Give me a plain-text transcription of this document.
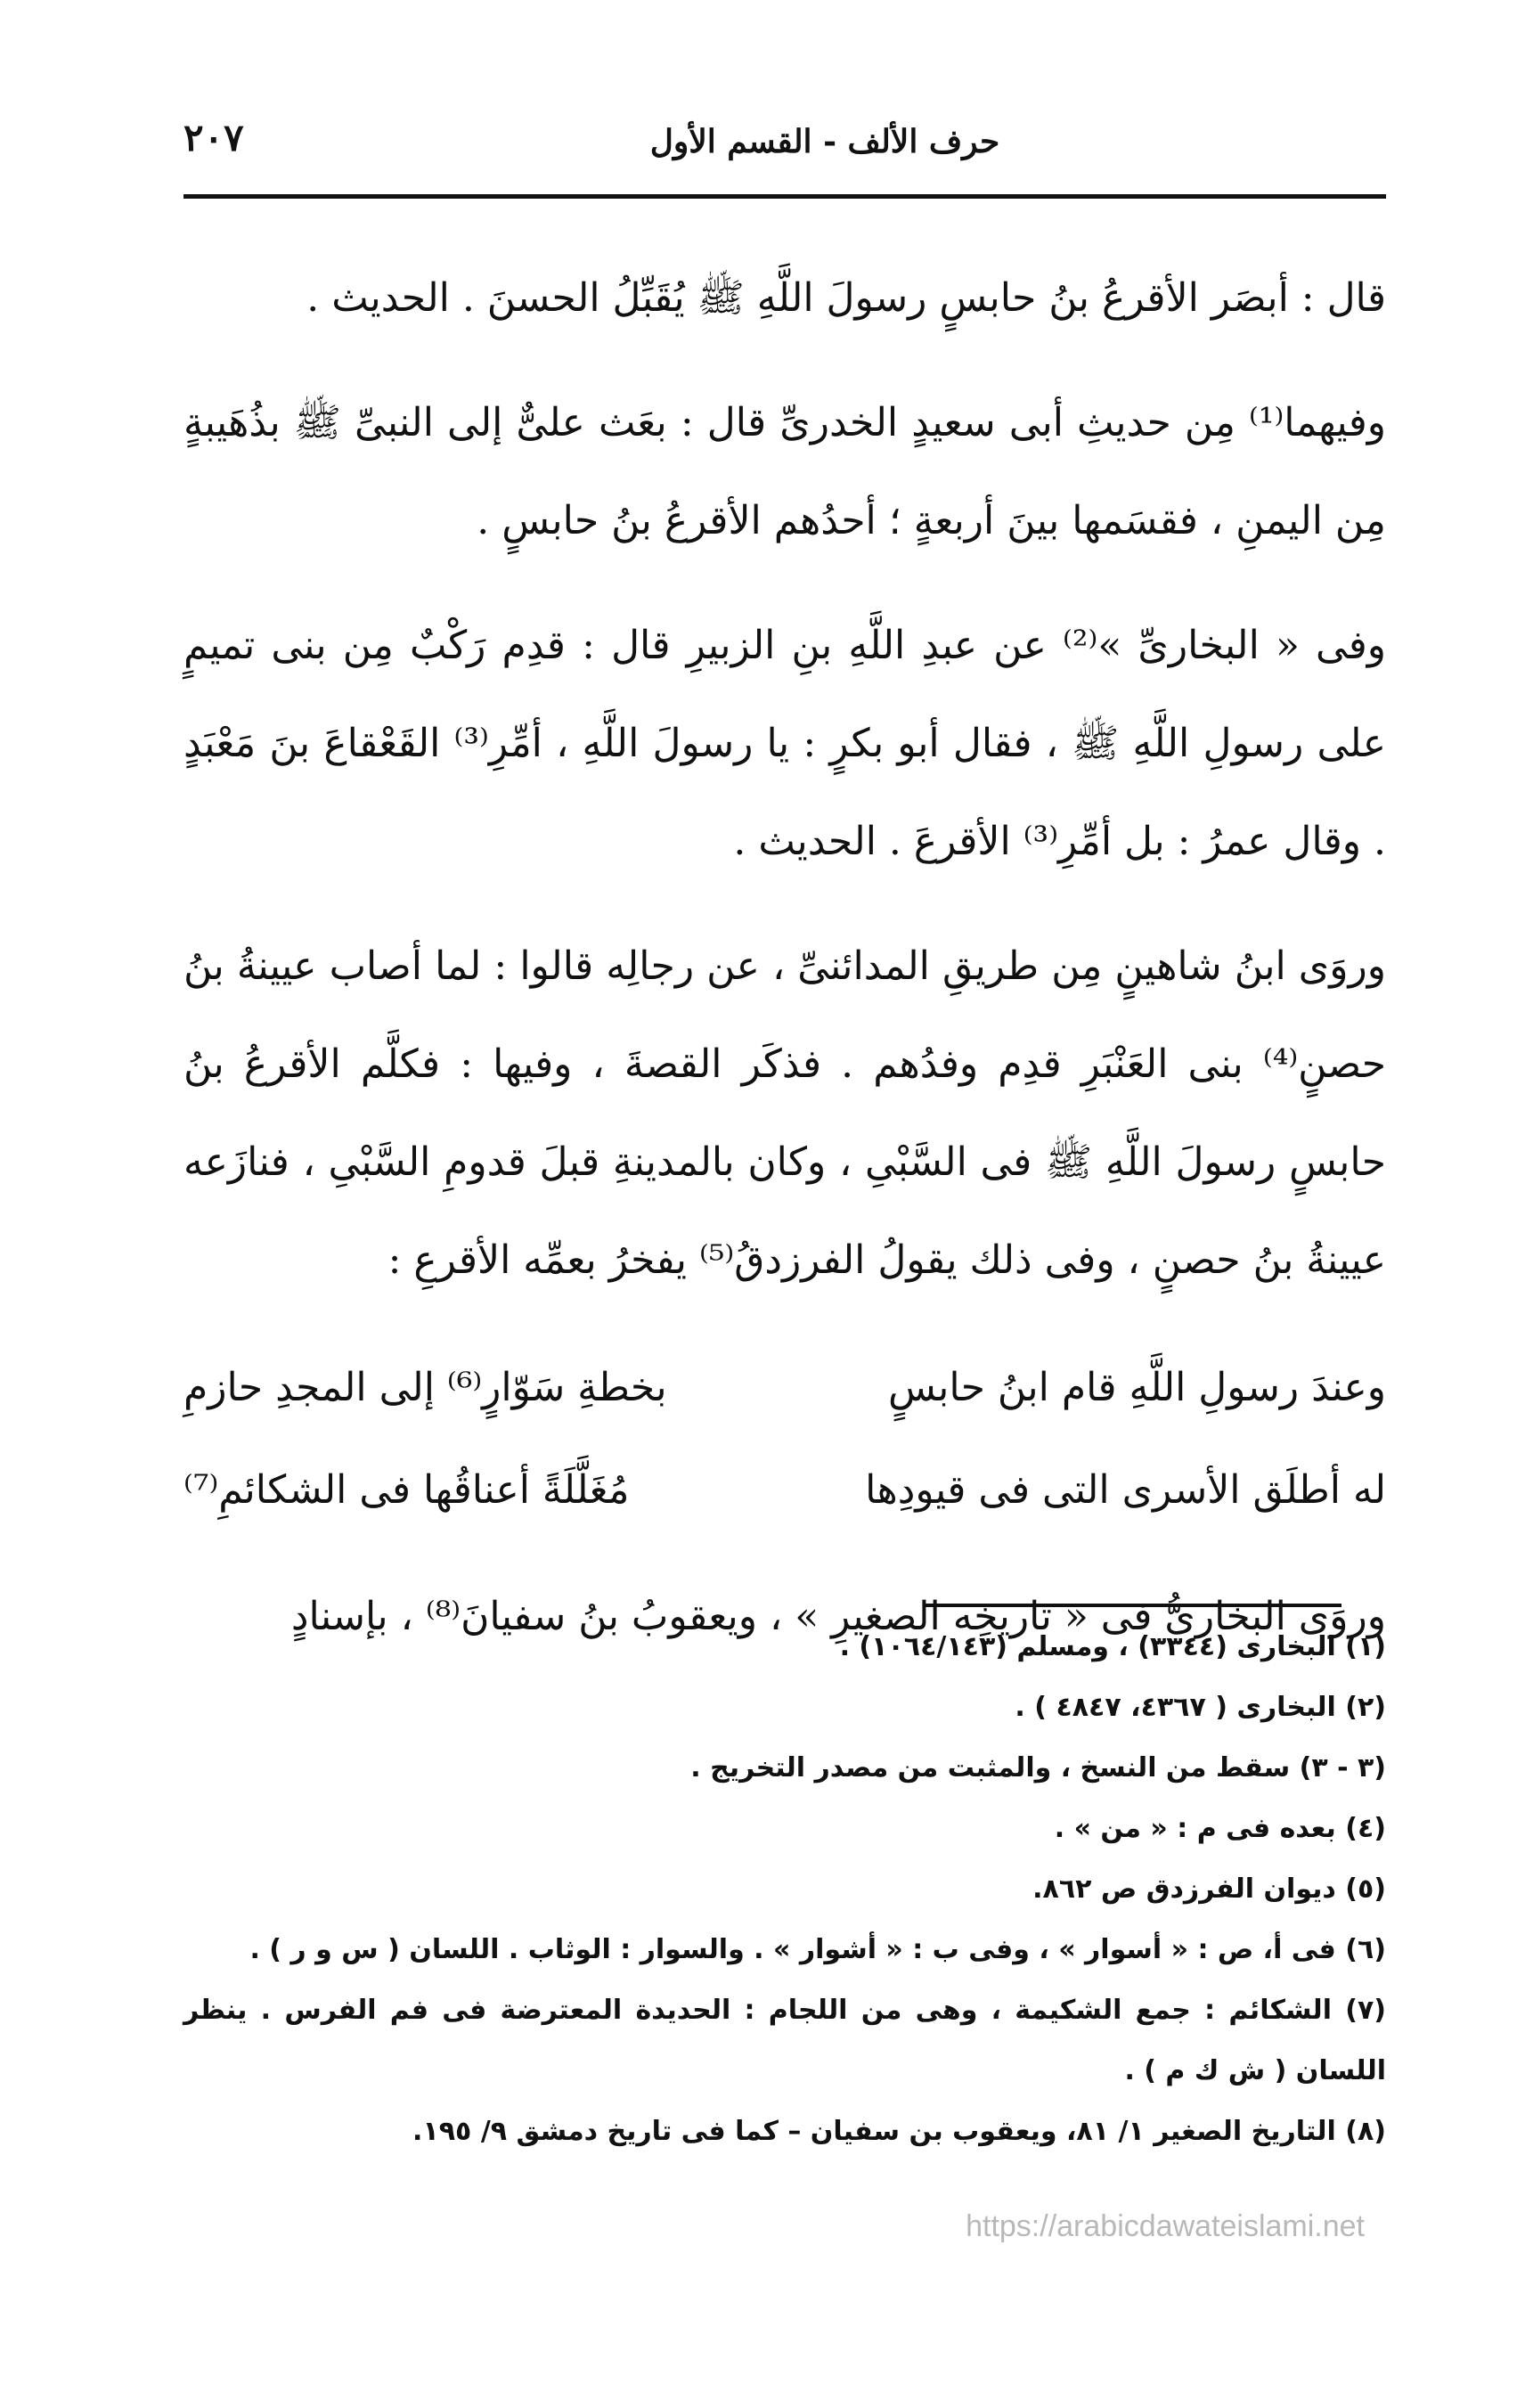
حرف الألف - القسم الأول
٢٠٧

قال : أبصَر الأقرعُ بنُ حابسٍ رسولَ اللَّهِ ﷺ يُقَبِّلُ الحسنَ . الحديث .

وفيهما⁽¹⁾ مِن حديثِ أبى سعيدٍ الخدرىِّ قال : بعَث علىٌّ إلى النبىِّ ﷺ بذُهَيبةٍ مِن اليمنِ ، فقسَمها بينَ أربعةٍ ؛ أحدُهم الأقرعُ بنُ حابسٍ .

وفى « البخارىِّ »⁽²⁾ عن عبدِ اللَّهِ بنِ الزبيرِ قال : قدِم رَكْبٌ مِن بنى تميمٍ على رسولِ اللَّهِ ﷺ ، فقال أبو بكرٍ : يا رسولَ اللَّهِ ، أمِّرِ⁽³⁾ القَعْقاعَ بنَ مَعْبَدٍ . وقال عمرُ : بل أمِّرِ⁽³⁾ الأقرعَ . الحديث .

وروَى ابنُ شاهينٍ مِن طريقِ المدائنىِّ ، عن رجالِه قالوا : لما أصاب عيينةُ بنُ حصنٍ⁽⁴⁾ بنى العَنْبَرِ قدِم وفدُهم . فذكَر القصةَ ، وفيها : فكلَّم الأقرعُ بنُ حابسٍ رسولَ اللَّهِ ﷺ فى السَّبْىِ ، وكان بالمدينةِ قبلَ قدومِ السَّبْىِ ، فنازَعه عيينةُ بنُ حصنٍ ، وفى ذلك يقولُ الفرزدقُ⁽⁵⁾ يفخرُ بعمِّه الأقرعِ :

وعندَ رسولِ اللَّهِ قام ابنُ حابسٍ
بخطةِ سَوّارٍ⁽⁶⁾ إلى المجدِ حازمِ
له أطلَق الأسرى التى فى قيودِها
مُغَلَّلَةً أعناقُها فى الشكائمِ⁽⁷⁾

وروَى البخارىُّ فى « تاريخِه الصغيرِ » ، ويعقوبُ بنُ سفيانَ⁽⁸⁾ ، بإسنادٍ

(١) البخارى (٣٣٤٤) ، ومسلم (١٠٦٤/١٤٣) .

(٢) البخارى ( ٤٣٦٧، ٤٨٤٧ ) .

(٣ - ٣) سقط من النسخ ، والمثبت من مصدر التخريج .

(٤) بعده فى م : « من » .

(٥) ديوان الفرزدق ص ٨٦٢.

(٦) فى أ، ص : « أسوار » ، وفى ب : « أشوار » . والسوار : الوثاب . اللسان ( س و ر ) .

(٧) الشكائم : جمع الشكيمة ، وهى من اللجام : الحديدة المعترضة فى فم الفرس . ينظر اللسان ( ش ك م ) .

(٨) التاريخ الصغير ١/ ٨١، ويعقوب بن سفيان – كما فى تاريخ دمشق ٩/ ١٩٥.

https://arabicdawateislami.net
